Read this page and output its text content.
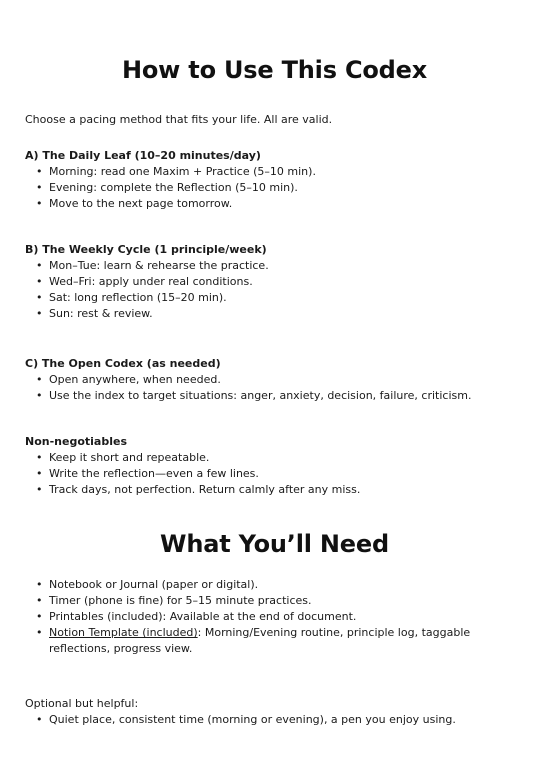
How to Use This Codex

Choose a pacing method that fits your life. All are valid.

A) The Daily Leaf (10–20 minutes/day)

• Morning: read one Maxim + Practice (5–10 min).
• Evening: complete the Reflection (5–10 min).
• Move to the next page tomorrow.

B) The Weekly Cycle (1 principle/week)

• Mon–Tue: learn & rehearse the practice.
• Wed–Fri: apply under real conditions.
• Sat: long reflection (15–20 min).
• Sun: rest & review.

C) The Open Codex (as needed)

• Open anywhere, when needed.
• Use the index to target situations: anger, anxiety, decision, failure, criticism.

Non-negotiables

• Keep it short and repeatable.
• Write the reflection—even a few lines.
• Track days, not perfection. Return calmly after any miss.
What You’ll Need
• Notebook or Journal (paper or digital).
• Timer (phone is fine) for 5–15 minute practices.
• Printables (included): Available at the end of document.
• Notion Template (included): Morning/Evening routine, principle log, taggable reflections, progress view.

Optional but helpful:

• Quiet place, consistent time (morning or evening), a pen you enjoy using.
